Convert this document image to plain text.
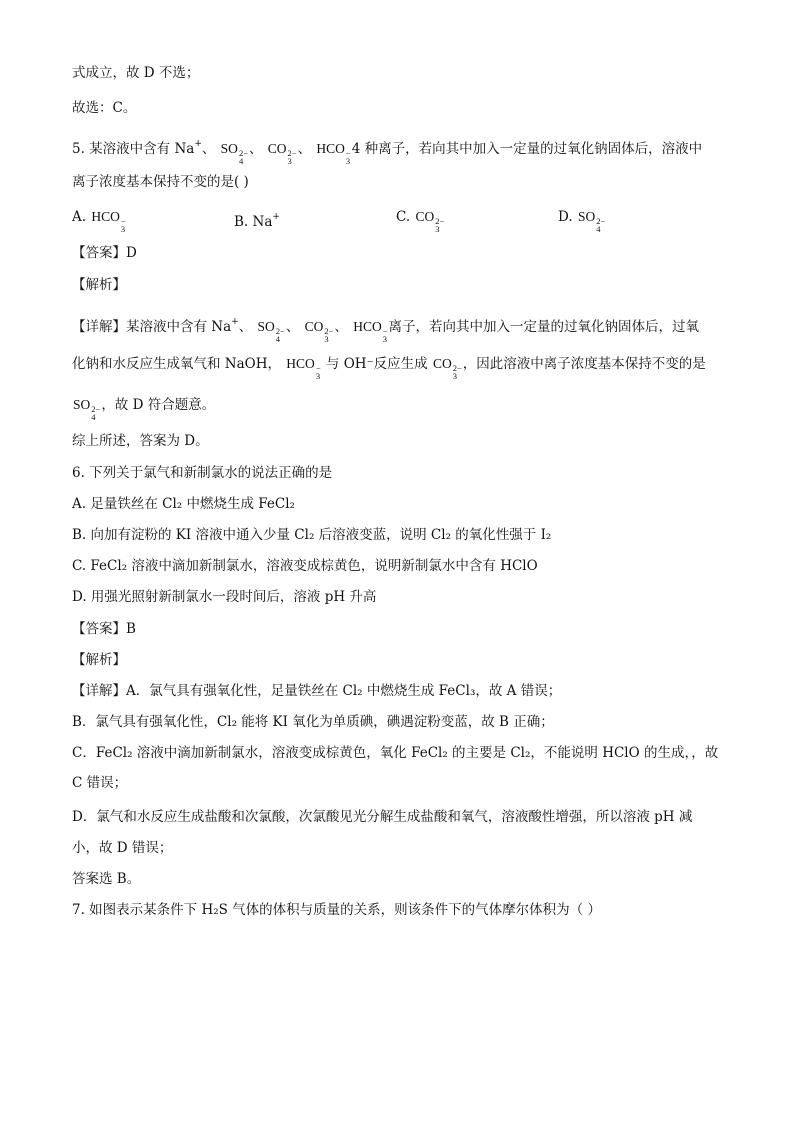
式成立，故 D 不选；
故选：C。
5. 某溶液中含有 Na+、 SO 2−
4
、 CO 2−
3
、 HCO −
3
4 种离子，若向其中加入一定量的过氧化钠固体后，溶液中
离子浓度基本保持不变的是( )
A. HCO −
3	B. Na+	C. CO 2−
3
D. SO 2−
4
【答案】D
【解析】
【详解】某溶液中含有 Na+、 SO 2−
4
、 CO 2−
3
、 HCO −
3
离子，若向其中加入一定量的过氧化钠固体后，过氧
化钠和水反应生成氧气和 NaOH， HCO −
3
与 OH⁻反应生成 CO 2−
3
，因此溶液中离子浓度基本保持不变的是
SO 2−
4
，故 D 符合题意。
综上所述，答案为 D。
6. 下列关于氯气和新制氯水的说法正确的是
A. 足量铁丝在 Cl₂ 中燃烧生成 FeCl₂
B. 向加有淀粉的 KI 溶液中通入少量 Cl₂ 后溶液变蓝，说明 Cl₂ 的氧化性强于 I₂
C. FeCl₂ 溶液中滴加新制氯水，溶液变成棕黄色，说明新制氯水中含有 HClO
D. 用强光照射新制氯水一段时间后，溶液 pH 升高
【答案】B
【解析】
【详解】A．氯气具有强氧化性，足量铁丝在 Cl₂ 中燃烧生成 FeCl₃，故 A 错误；
B．氯气具有强氧化性，Cl₂ 能将 KI 氧化为单质碘，碘遇淀粉变蓝，故 B 正确；
C．FeCl₂ 溶液中滴加新制氯水，溶液变成棕黄色，氧化 FeCl₂ 的主要是 Cl₂，不能说明 HClO 的生成，，故
C 错误；
D．氯气和水反应生成盐酸和次氯酸，次氯酸见光分解生成盐酸和氧气，溶液酸性增强，所以溶液 pH 减
小，故 D 错误；
答案选 B。
7. 如图表示某条件下 H₂S 气体的体积与质量的关系，则该条件下的气体摩尔体积为（ ）
